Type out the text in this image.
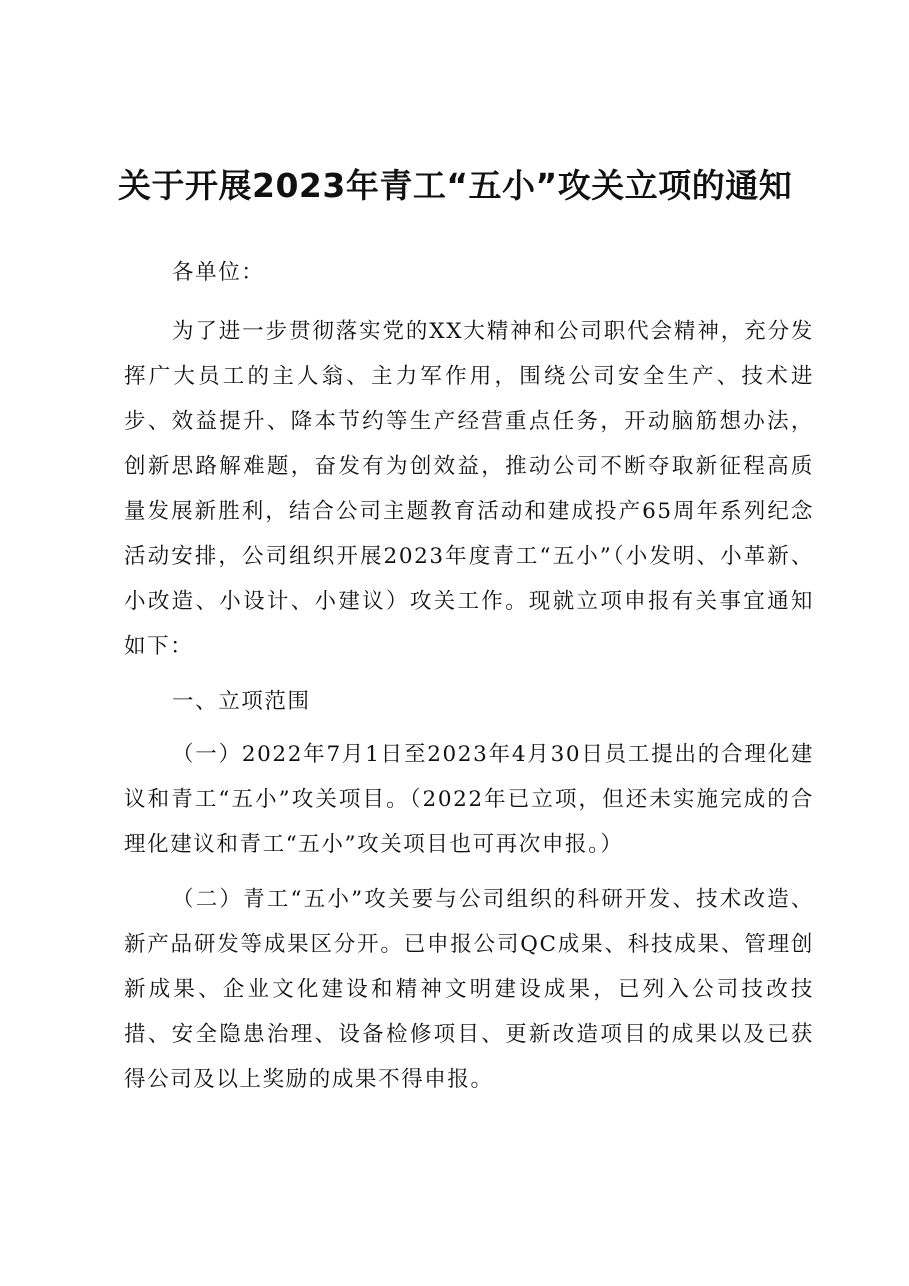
关于开展2023年青工“五小”攻关立项的通知

各单位：

为了进一步贯彻落实党的XX大精神和公司职代会精神，充分发挥广大员工的主人翁、主力军作用，围绕公司安全生产、技术进步、效益提升、降本节约等生产经营重点任务，开动脑筋想办法，创新思路解难题，奋发有为创效益，推动公司不断夺取新征程高质量发展新胜利，结合公司主题教育活动和建成投产65周年系列纪念活动安排，公司组织开展2023年度青工“五小”（小发明、小革新、小改造、小设计、小建议）攻关工作。现就立项申报有关事宜通知如下：

一、立项范围

（一）2022年7月1日至2023年4月30日员工提出的合理化建议和青工“五小”攻关项目。（2022年已立项，但还未实施完成的合理化建议和青工“五小”攻关项目也可再次申报。）

（二）青工“五小”攻关要与公司组织的科研开发、技术改造、新产品研发等成果区分开。已申报公司QC成果、科技成果、管理创新成果、企业文化建设和精神文明建设成果，已列入公司技改技措、安全隐患治理、设备检修项目、更新改造项目的成果以及已获得公司及以上奖励的成果不得申报。
